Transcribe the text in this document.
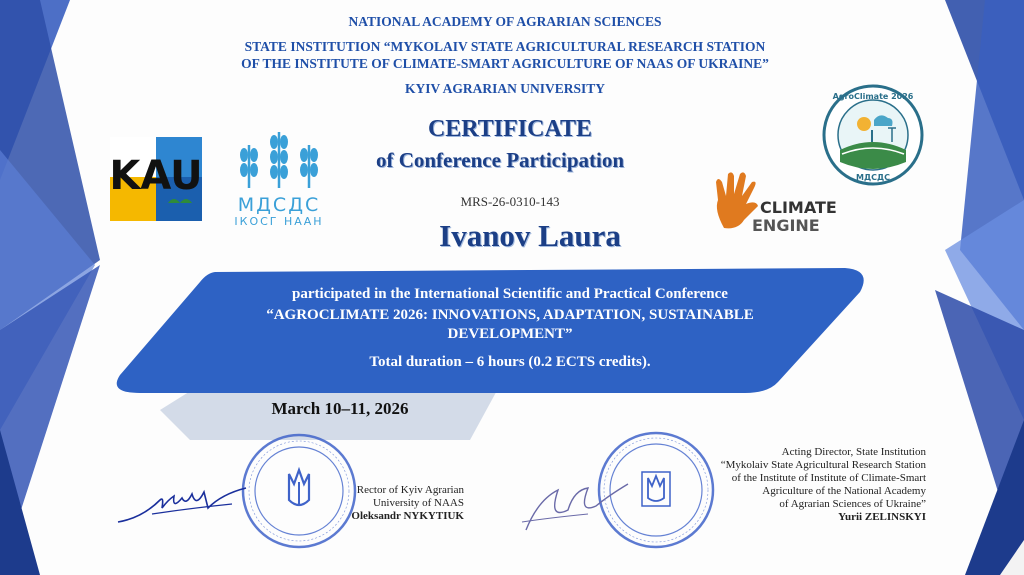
NATIONAL ACADEMY OF AGRARIAN SCIENCES
STATE INSTITUTION “MYKOLAIV STATE AGRICULTURAL RESEARCH STATION
OF THE INSTITUTE OF CLIMATE-SMART AGRICULTURE OF NAAS OF UKRAINE”
KYIV AGRARIAN UNIVERSITY
CERTIFICATE
of Conference Participation
MRS-26-0310-143
Ivanov Laura
KAU
МДСДС
ІКОСГ НААН
AgroClimate 2026
МДСДС
CLIMATE
ENGINE
participated in the International Scientific and Practical Conference
“AGROCLIMATE 2026: INNOVATIONS, ADAPTATION, SUSTAINABLE
DEVELOPMENT”
Total duration – 6 hours (0.2 ECTS credits).
March 10–11, 2026
Rector of Kyiv Agrarian
University of NAAS
Oleksandr NYKYTIUK
Acting Director, State Institution
“Mykolaiv State Agricultural Research Station
of the Institute of Institute of Climate-Smart
Agriculture of the National Academy
of Agrarian Sciences of Ukraine”
Yurii ZELINSKYI
